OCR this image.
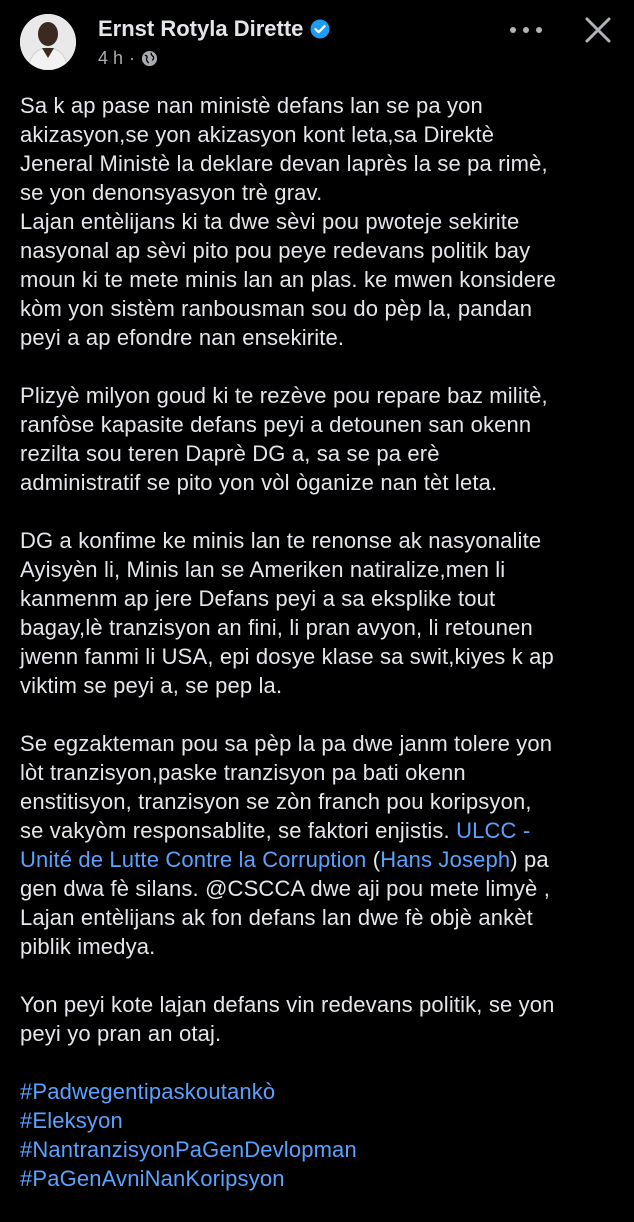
Ernst Rotyla Dirette
4 h ·

Sa k ap pase nan ministè defans lan se pa yon
akizasyon,se yon akizasyon kont leta,sa Direktè
Jeneral Ministè la deklare devan laprès la se pa rimè,
se yon denonsyasyon trè grav.
Lajan entèlijans ki ta dwe sèvi pou pwoteje sekirite
nasyonal ap sèvi pito pou peye redevans politik bay
moun ki te mete minis lan an plas. ke mwen konsidere
kòm yon sistèm ranbousman sou do pèp la, pandan
peyi a ap efondre nan ensekirite.

Plizyè milyon goud ki te rezève pou repare baz militè,
ranfòse kapasite defans peyi a detounen san okenn
rezilta sou teren Daprè DG a, sa se pa erè
administratif se pito yon vòl òganize nan tèt leta.

DG a konfime ke minis lan te renonse ak nasyonalite
Ayisyèn li, Minis lan se Ameriken natiralize,men li
kanmenm ap jere Defans peyi a sa eksplike tout
bagay,lè tranzisyon an fini, li pran avyon, li retounen
jwenn fanmi li USA, epi dosye klase sa swit,kiyes k ap
viktim se peyi a, se pep la.

Se egzakteman pou sa pèp la pa dwe janm tolere yon
lòt tranzisyon,paske tranzisyon pa bati okenn
enstitisyon, tranzisyon se zòn franch pou koripsyon,
se vakyòm responsablite, se faktori enjistis. ULCC -
Unité de Lutte Contre la Corruption (Hans Joseph) pa
gen dwa fè silans. @CSCCA dwe aji pou mete limyè ,
Lajan entèlijans ak fon defans lan dwe fè objè ankèt
piblik imedya.

Yon peyi kote lajan defans vin redevans politik, se yon
peyi yo pran an otaj.

#Padwegentipaskoutankò
#Eleksyon
#NantranzisyonPaGenDevlopman
#PaGenAvniNanKoripsyon
